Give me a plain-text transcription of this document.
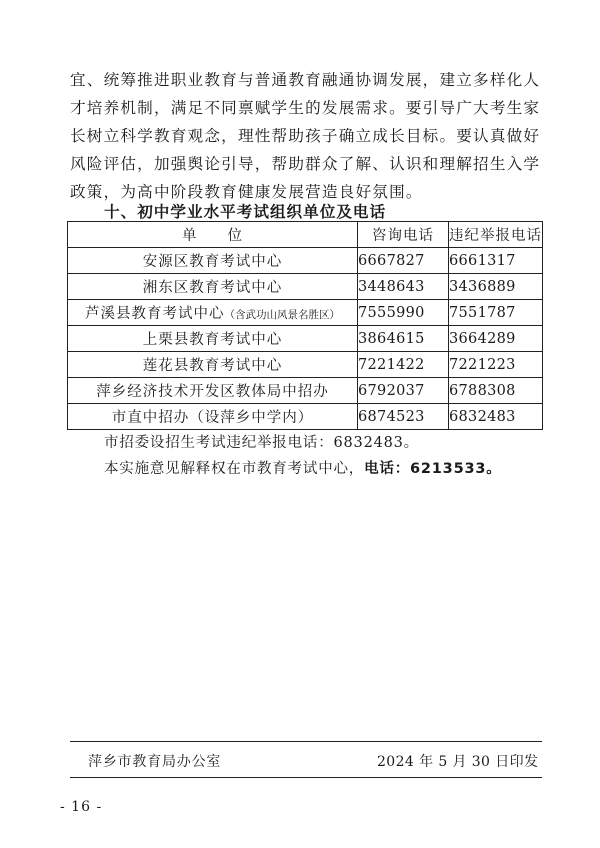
宜、统筹推进职业教育与普通教育融通协调发展，建立多样化人
才培养机制，满足不同禀赋学生的发展需求。要引导广大考生家
长树立科学教育观念，理性帮助孩子确立成长目标。要认真做好
风险评估，加强舆论引导，帮助群众了解、认识和理解招生入学
政策，为高中阶段教育健康发展营造良好氛围。
十、初中学业水平考试组织单位及电话
单 位	咨询电话	违纪举报电话
安源区教育考试中心	6667827	6661317
湘东区教育考试中心	3448643	3436889
芦溪县教育考试中心（含武功山风景名胜区）	7555990	7551787
上栗县教育考试中心	3864615	3664289
莲花县教育考试中心	7221422	7221223
萍乡经济技术开发区教体局中招办	6792037	6788308
市直中招办（设萍乡中学内）	6874523	6832483
市招委设招生考试违纪举报电话：6832483。
本实施意见解释权在市教育考试中心，电话：6213533。
萍乡市教育局办公室	2024 年 5 月 30 日印发
- 16 -
